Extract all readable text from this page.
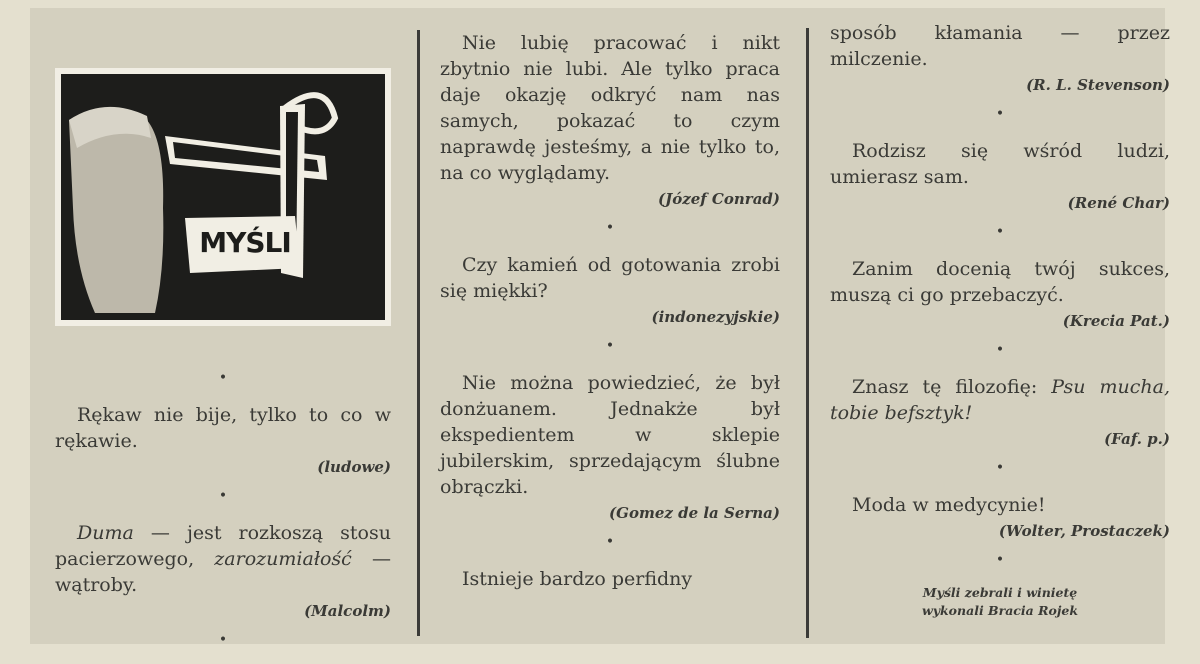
MYŚLI
•

Rękaw nie bije, tylko to co w rękawie.

(ludowe)
•

Duma — jest rozkoszą stosu pacierzowego, zarozumiałość — wątroby.

(Malcolm)
•

Nie lubię pracować i nikt zbytnio nie lubi. Ale tylko praca daje okazję odkryć nam nas samych, pokazać to czym naprawdę jesteśmy, a nie tylko to, na co wyglądamy.

(Józef Conrad)
•

Czy kamień od gotowania zrobi się miękki?

(indonezyjskie)
•

Nie można powiedzieć, że był donżuanem. Jednakże był ekspedientem w sklepie jubilerskim, sprzedającym ślubne obrączki.

(Gomez de la Serna)
•

Istnieje bardzo perfidny

sposób kłamania — przez milczenie.

(R. L. Stevenson)
•

Rodzisz się wśród ludzi, umierasz sam.

(René Char)
•

Zanim docenią twój sukces, muszą ci go przebaczyć.

(Krecia Pat.)
•

Znasz tę filozofię: Psu mucha, tobie befsztyk!

(Faf. p.)
•

Moda w medycynie!

(Wolter, Prostaczek)
•
Myśli zebrali i winietę
wykonali Bracia Rojek
